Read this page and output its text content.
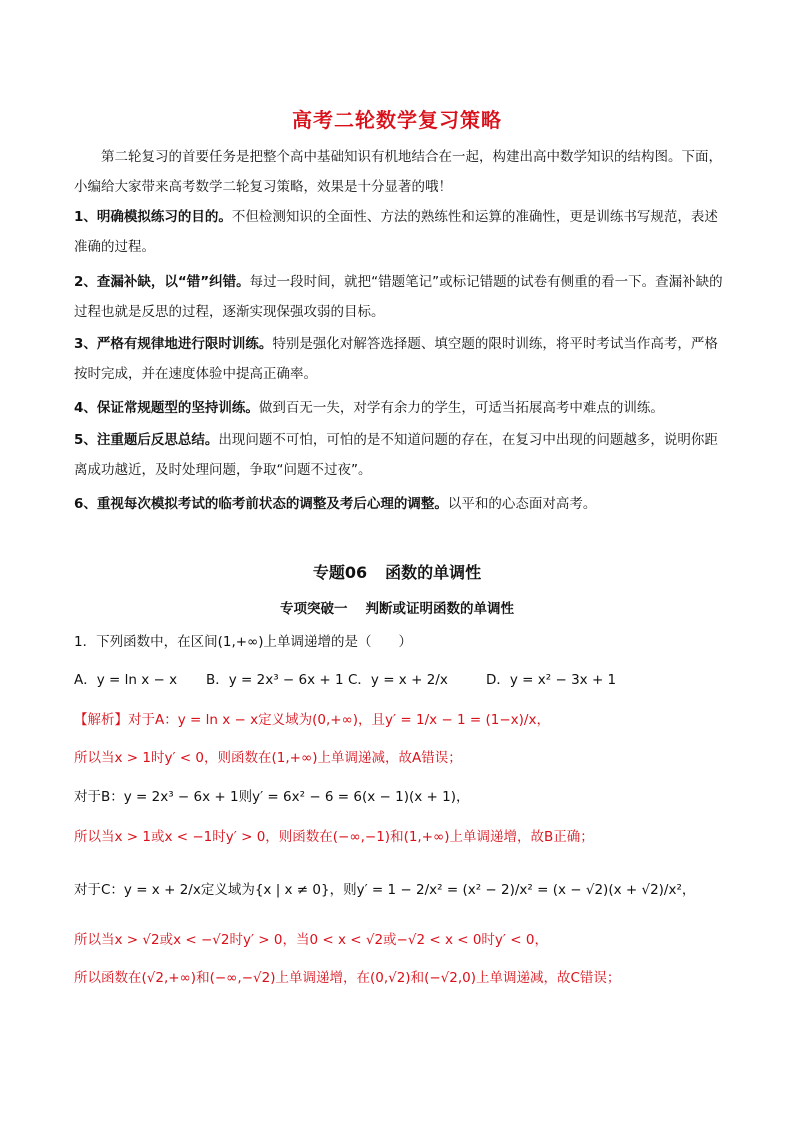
高考二轮数学复习策略
第二轮复习的首要任务是把整个高中基础知识有机地结合在一起，构建出高中数学知识的结构图。下面，小编给大家带来高考数学二轮复习策略，效果是十分显著的哦！
1、明确模拟练习的目的。不但检测知识的全面性、方法的熟练性和运算的准确性，更是训练书写规范，表述准确的过程。
2、查漏补缺，以“错”纠错。每过一段时间，就把“错题笔记”或标记错题的试卷有侧重的看一下。查漏补缺的过程也就是反思的过程，逐渐实现保强攻弱的目标。
3、严格有规律地进行限时训练。特别是强化对解答选择题、填空题的限时训练，将平时考试当作高考，严格按时完成，并在速度体验中提高正确率。
4、保证常规题型的坚持训练。做到百无一失，对学有余力的学生，可适当拓展高考中难点的训练。
5、注重题后反思总结。出现问题不可怕，可怕的是不知道问题的存在，在复习中出现的问题越多，说明你距离成功越近，及时处理问题，争取“问题不过夜”。
6、重视每次模拟考试的临考前状态的调整及考后心理的调整。以平和的心态面对高考。
专题06 函数的单调性
专项突破一 判断或证明函数的单调性
1．下列函数中，在区间(1,+∞)上单调递增的是（　　）
A．y = ln x − x B．y = 2x³ − 6x + 1 C．y = x + 2/x	D．y = x² − 3x + 1
【解析】对于A：y = ln x − x定义域为(0,+∞)，且y′ = 1/x − 1 = (1−x)/x，
所以当x > 1时y′ < 0，则函数在(1,+∞)上单调递减，故A错误；
对于B：y = 2x³ − 6x + 1则y′ = 6x² − 6 = 6(x − 1)(x + 1)，
所以当x > 1或x < −1时y′ > 0，则函数在(−∞,−1)和(1,+∞)上单调递增，故B正确；
对于C：y = x + 2/x定义域为{x | x ≠ 0}，则y′ = 1 − 2/x² = (x² − 2)/x² = (x − √2)(x + √2)/x²，
所以当x > √2或x < −√2时y′ > 0，当0 < x < √2或−√2 < x < 0时y′ < 0，
所以函数在(√2,+∞)和(−∞,−√2)上单调递增，在(0,√2)和(−√2,0)上单调递减，故C错误；
